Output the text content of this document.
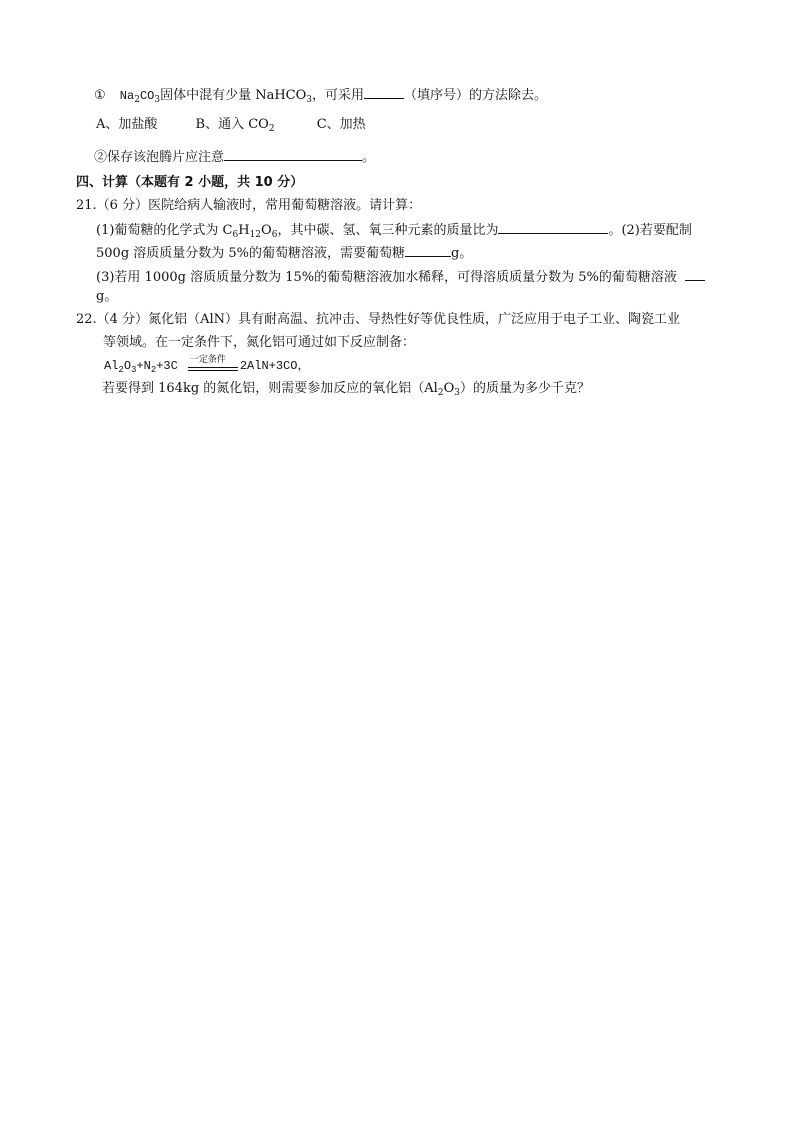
① $Na_2CO_3$固体中混有少量 NaHCO$_3$，可采用	（填序号）的方法除去。
A、加盐酸	B、通入 $CO_2$	C、加热
②保存该泡腾片应注意	。
四、计算（本题有 2 小题，共 10 分）
21.（6 分）医院给病人输液时，常用葡萄糖溶液。请计算：
(1)葡萄糖的化学式为 $C_6H_{12}O_6$，其中碳、氢、氧三种元素的质量比为	。(2)若要配制
500g 溶质质量分数为 5%的葡萄糖溶液，需要葡萄糖	g。
(3)若用 1000g 溶质质量分数为 15%的葡萄糖溶液加水稀释，可得溶质质量分数为 5%的葡萄糖溶液
g。
22.（4 分）氮化铝（AlN）具有耐高温、抗冲击、导热性好等优良性质，广泛应用于电子工业、陶瓷工业
等领域。在一定条件下，氮化铝可通过如下反应制备：
$Al_2O_3+N_2+3C$ 一定条件 2AlN+3CO，
若要得到 164kg 的氮化铝，则需要参加反应的氧化铝$(Al_2O_3)$的质量为多少千克？
